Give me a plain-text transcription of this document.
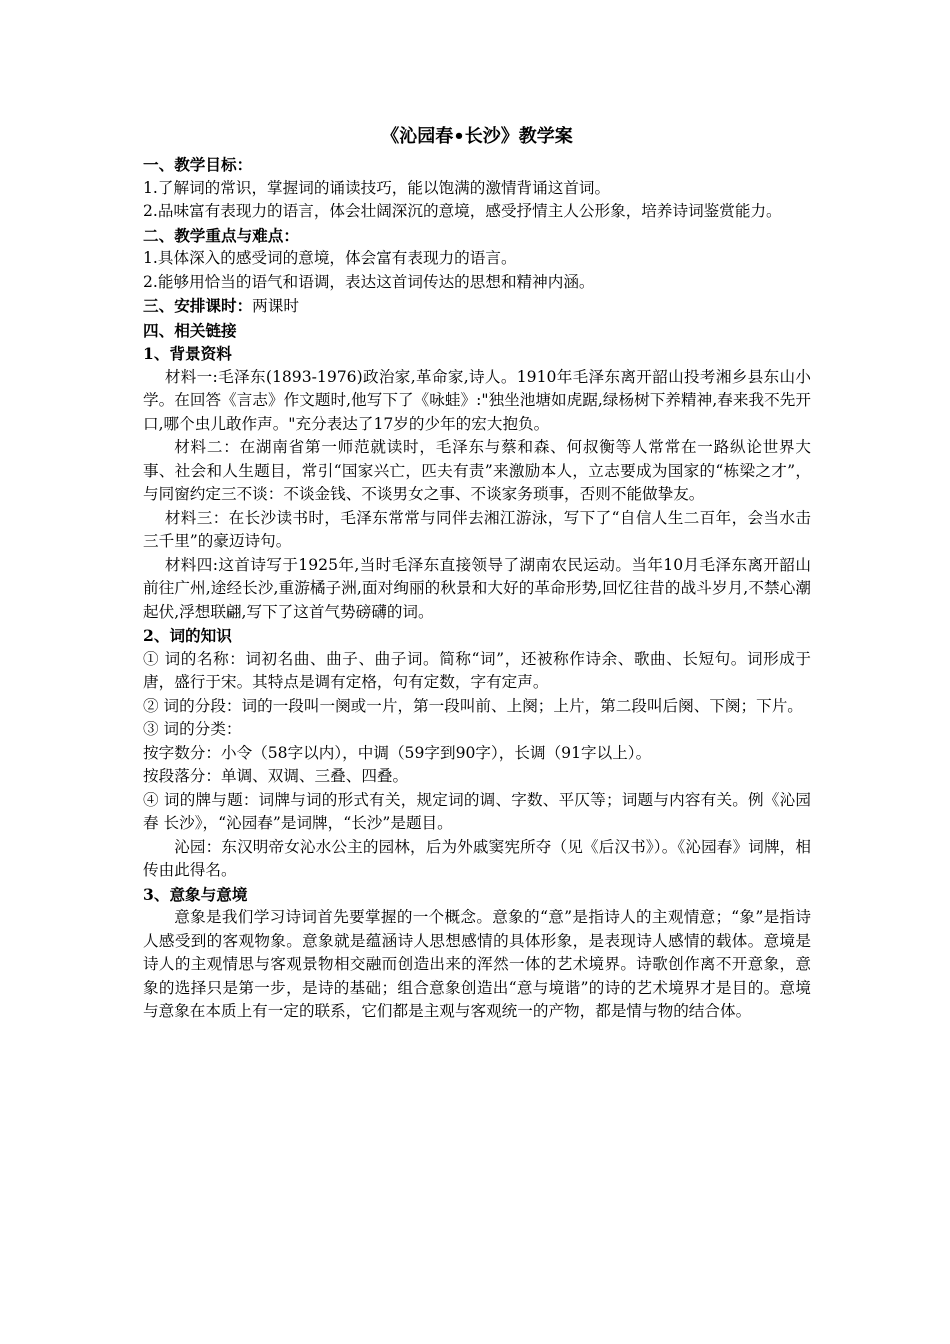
《沁园春•长沙》教学案
一、教学目标：

1.了解词的常识，掌握词的诵读技巧，能以饱满的激情背诵这首词。

2.品味富有表现力的语言，体会壮阔深沉的意境，感受抒情主人公形象，培养诗词鉴赏能力。

二、教学重点与难点：

1.具体深入的感受词的意境，体会富有表现力的语言。

2.能够用恰当的语气和语调，表达这首词传达的思想和精神内涵。

三、安排课时：两课时

四、相关链接
1、背景资料

材料一:毛泽东(1893-1976)政治家,革命家,诗人。1910年毛泽东离开韶山投考湘乡县东山小学。在回答《言志》作文题时,他写下了《咏蛙》:"独坐池塘如虎踞,绿杨树下养精神,春来我不先开口,哪个虫儿敢作声。"充分表达了17岁的少年的宏大抱负。

材料二：在湖南省第一师范就读时，毛泽东与蔡和森、何叔衡等人常常在一路纵论世界大事、社会和人生题目，常引“国家兴亡，匹夫有责”来激励本人，立志要成为国家的“栋梁之才”，与同窗约定三不谈：不谈金钱、不谈男女之事、不谈家务琐事，否则不能做挚友。

材料三：在长沙读书时，毛泽东常常与同伴去湘江游泳，写下了“自信人生二百年，会当水击三千里”的豪迈诗句。

材料四:这首诗写于1925年,当时毛泽东直接领导了湖南农民运动。当年10月毛泽东离开韶山前往广州,途经长沙,重游橘子洲,面对绚丽的秋景和大好的革命形势,回忆往昔的战斗岁月,不禁心潮起伏,浮想联翩,写下了这首气势磅礴的词。

2、词的知识

① 词的名称：词初名曲、曲子、曲子词。简称“词”，还被称作诗余、歌曲、长短句。词形成于唐，盛行于宋。其特点是调有定格，句有定数，字有定声。

② 词的分段：词的一段叫一阕或一片，第一段叫前、上阕；上片，第二段叫后阕、下阕；下片。

③ 词的分类：

按字数分：小令（58字以内），中调（59字到90字），长调（91字以上）。

按段落分：单调、双调、三叠、四叠。

④ 词的牌与题：词牌与词的形式有关，规定词的调、字数、平仄等；词题与内容有关。例《沁园春 长沙》，“沁园春”是词牌，“长沙”是题目。

沁园：东汉明帝女沁水公主的园林，后为外戚窦宪所夺（见《后汉书》）。《沁园春》词牌，相传由此得名。

3、意象与意境

意象是我们学习诗词首先要掌握的一个概念。意象的“意”是指诗人的主观情意；“象”是指诗人感受到的客观物象。意象就是蕴涵诗人思想感情的具体形象，是表现诗人感情的载体。意境是诗人的主观情思与客观景物相交融而创造出来的浑然一体的艺术境界。诗歌创作离不开意象，意象的选择只是第一步，是诗的基础；组合意象创造出“意与境谐”的诗的艺术境界才是目的。意境与意象在本质上有一定的联系，它们都是主观与客观统一的产物，都是情与物的结合体。
